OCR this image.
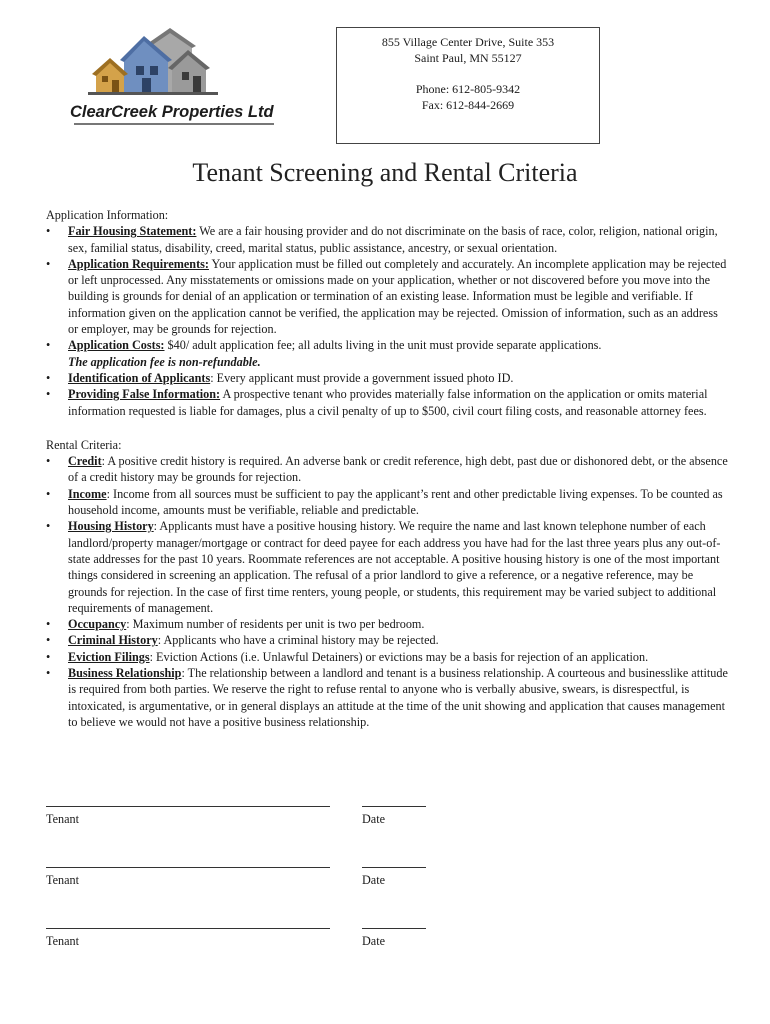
ClearCreek Properties Ltd
855 Village Center Drive, Suite 353
Saint Paul, MN 55127
Phone: 612-805-9342
Fax: 612-844-2669
Tenant Screening and Rental Criteria
Application Information:
• Fair Housing Statement: We are a fair housing provider and do not discriminate on the basis of race, color, religion, national origin, sex, familial status, disability, creed, marital status, public assistance, ancestry, or sexual orientation.
• Application Requirements: Your application must be filled out completely and accurately. An incomplete application may be rejected or left unprocessed. Any misstatements or omissions made on your application, whether or not discovered before you move into the building is grounds for denial of an application or termination of an existing lease. Information must be legible and verifiable. If information given on the application cannot be verified, the application may be rejected. Omission of information, such as an address or employer, may be grounds for rejection.
• Application Costs: $40/ adult application fee; all adults living in the unit must provide separate applications.
The application fee is non-refundable.
• Identification of Applicants: Every applicant must provide a government issued photo ID.
• Providing False Information: A prospective tenant who provides materially false information on the application or omits material information requested is liable for damages, plus a civil penalty of up to $500, civil court filing costs, and reasonable attorney fees.
Rental Criteria:
• Credit: A positive credit history is required. An adverse bank or credit reference, high debt, past due or dishonored debt, or the absence of a credit history may be grounds for rejection.
• Income: Income from all sources must be sufficient to pay the applicant’s rent and other predictable living expenses. To be counted as household income, amounts must be verifiable, reliable and predictable.
• Housing History: Applicants must have a positive housing history. We require the name and last known telephone number of each landlord/property manager/mortgage or contract for deed payee for each address you have had for the last three years plus any out-of-state addresses for the past 10 years. Roommate references are not acceptable. A positive housing history is one of the most important things considered in screening an application. The refusal of a prior landlord to give a reference, or a negative reference, may be grounds for rejection. In the case of first time renters, young people, or students, this requirement may be varied subject to additional requirements of management.
• Occupancy: Maximum number of residents per unit is two per bedroom.
• Criminal History: Applicants who have a criminal history may be rejected.
• Eviction Filings: Eviction Actions (i.e. Unlawful Detainers) or evictions may be a basis for rejection of an application.
• Business Relationship: The relationship between a landlord and tenant is a business relationship. A courteous and businesslike attitude is required from both parties. We reserve the right to refuse rental to anyone who is verbally abusive, swears, is disrespectful, is intoxicated, is argumentative, or in general displays an attitude at the time of the unit showing and application that causes management to believe we would not have a positive business relationship.
Tenant	Date
Tenant	Date
Tenant	Date
